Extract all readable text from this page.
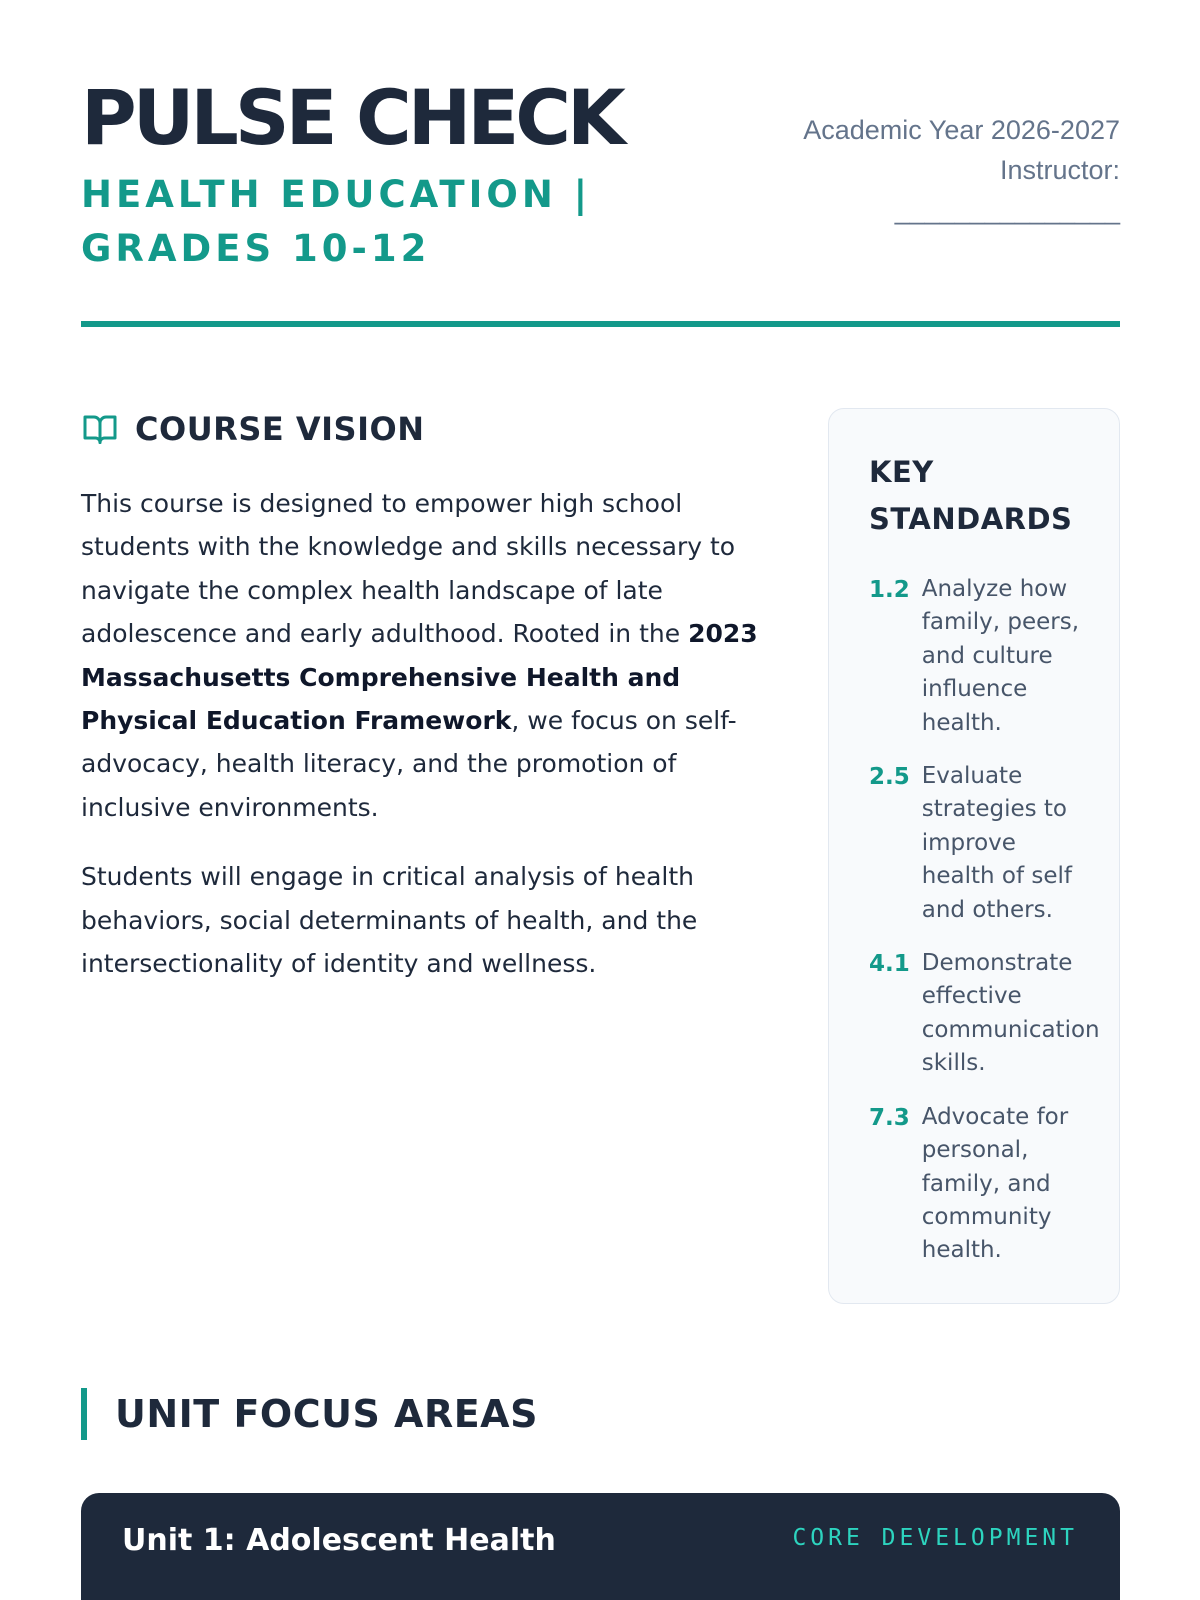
PULSE CHECK
HEALTH EDUCATION | GRADES 10-12
Academic Year 2026-2027
Instructor:
_______________
COURSE VISION

This course is designed to empower high school students with the knowledge and skills necessary to navigate the complex health landscape of late adolescence and early adulthood. Rooted in the 2023 Massachusetts Comprehensive Health and Physical Education Framework, we focus on self-advocacy, health literacy, and the promotion of inclusive environments.

Students will engage in critical analysis of health behaviors, social determinants of health, and the intersectionality of identity and wellness.

KEY STANDARDS
1.2 Analyze how family, peers, and culture influence health.
2.5 Evaluate strategies to improve health of self and others.
4.1 Demonstrate effective communication skills.
7.3 Advocate for personal, family, and community health.
UNIT FOCUS AREAS
Unit 1: Adolescent Health	CORE DEVELOPMENT
